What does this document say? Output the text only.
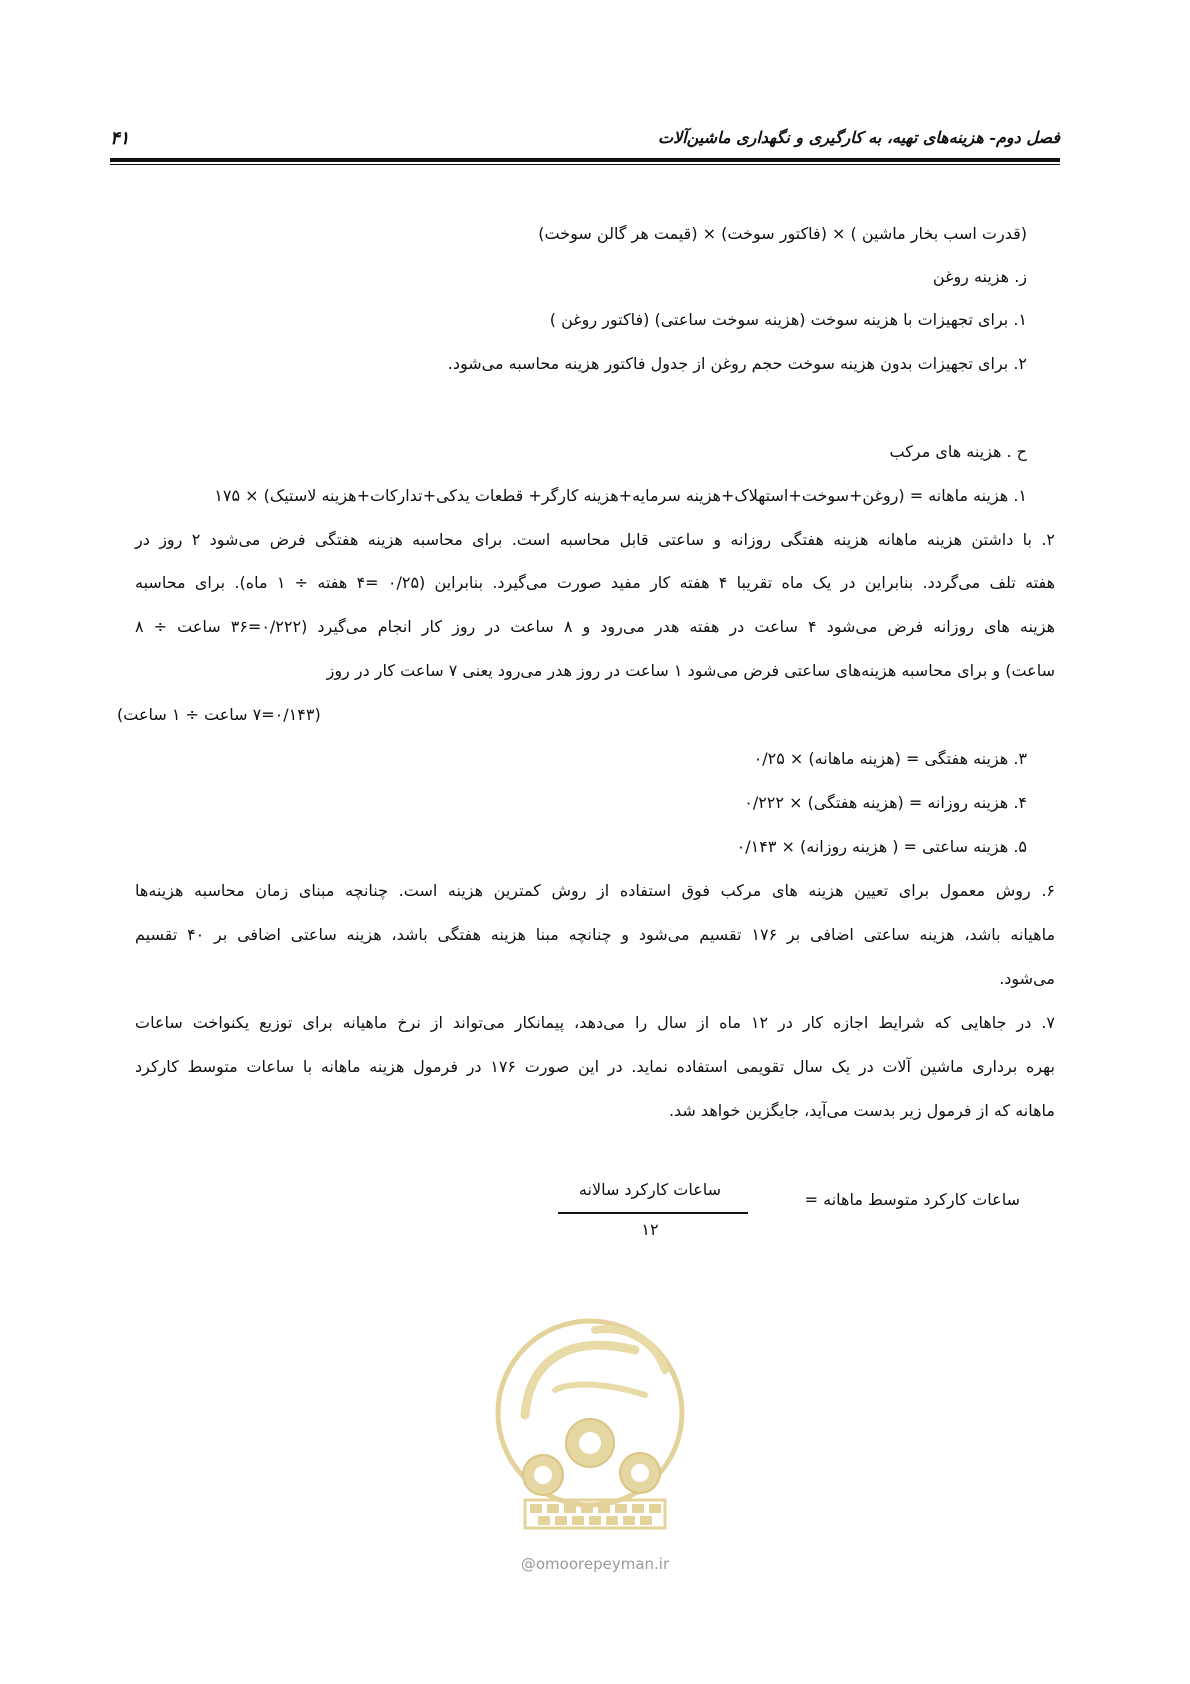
فصل دوم- هزینه‌های تهیه، به کارگیری و نگهداری ماشین‌آلات
۴۱
(قدرت اسب بخار ماشین ) × (فاکتور سوخت) × (قیمت هر گالن سوخت)
ز. هزینه روغن
۱. برای تجهیزات با هزینه سوخت (هزینه سوخت ساعتی) (فاکتور روغن )
۲. برای تجهیزات بدون هزینه سوخت حجم روغن از جدول فاکتور هزینه محاسبه می‌شود.
ح . هزینه های مرکب
۱. هزینه ماهانه = (روغن+سوخت+استهلاک+هزینه سرمایه+هزینه کارگر+ قطعات یدکی+تدارکات+هزینه لاستیک) × ۱۷۵
۲. با داشتن هزینه ماهانه هزینه هفتگی روزانه و ساعتی قابل محاسبه است. برای محاسبه هزینه هفتگی فرض می‌شود ۲ روز در
هفته تلف می‌گردد. بنابراین در یک ماه تقریبا ۴ هفته کار مفید صورت می‌گیرد. بنابراین (۰/۲۵ =۴ هفته ÷ ۱ ماه). برای محاسبه
هزینه های روزانه فرض می‌شود ۴ ساعت در هفته هدر می‌رود و ۸ ساعت در روز کار انجام می‌گیرد (۰/۲۲۲=۳۶ ساعت ÷ ۸
ساعت) و برای محاسبه هزینه‌های ساعتی فرض می‌شود ۱ ساعت در روز هدر می‌رود یعنی ۷ ساعت کار در روز
(۰/۱۴۳=۷ ساعت ÷ ۱ ساعت)
۳. هزینه هفتگی = (هزینه ماهانه) × ۰/۲۵
۴. هزینه روزانه = (هزینه هفتگی) × ۰/۲۲۲
۵. هزینه ساعتی = ( هزینه روزانه) × ۰/۱۴۳
۶. روش معمول برای تعیین هزینه های مرکب فوق استفاده از روش کمترین هزینه است. چنانچه مبنای زمان محاسبه هزینه‌ها
ماهیانه باشد، هزینه ساعتی اضافی بر ۱۷۶ تقسیم می‌شود و چنانچه مبنا هزینه هفتگی باشد، هزینه ساعتی اضافی بر ۴۰ تقسیم
می‌شود.
۷. در جاهایی که شرایط اجازه کار در ۱۲ ماه از سال را می‌دهد، پیمانکار می‌تواند از نرخ ماهیانه برای توزیع یکنواخت ساعات
بهره برداری ماشین آلات در یک سال تقویمی استفاده نماید. در این صورت ۱۷۶ در فرمول هزینه ماهانه با ساعات متوسط کارکرد
ماهانه که از فرمول زیر بدست می‌آید، جایگزین خواهد شد.
ساعات کارکرد متوسط ماهانه =
ساعات کارکرد سالانه
۱۲
@omoorepeyman.ir
